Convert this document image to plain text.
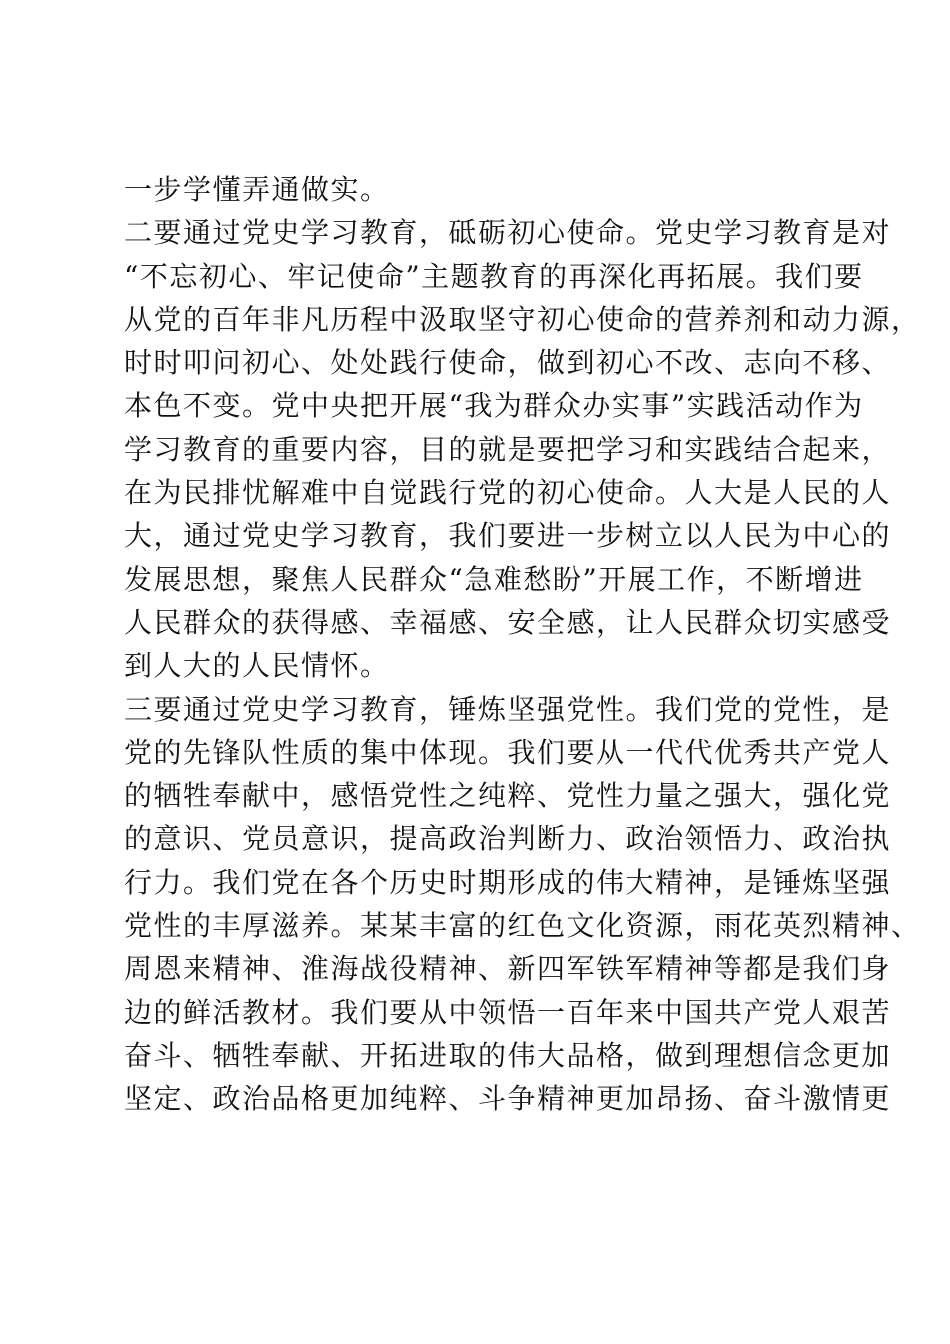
一步学懂弄通做实。
二要通过党史学习教育，砥砺初心使命。党史学习教育是对
“不忘初心、牢记使命”主题教育的再深化再拓展。我们要
从党的百年非凡历程中汲取坚守初心使命的营养剂和动力源，
时时叩问初心、处处践行使命，做到初心不改、志向不移、
本色不变。党中央把开展“我为群众办实事”实践活动作为
学习教育的重要内容，目的就是要把学习和实践结合起来，
在为民排忧解难中自觉践行党的初心使命。人大是人民的人
大，通过党史学习教育，我们要进一步树立以人民为中心的
发展思想，聚焦人民群众“急难愁盼”开展工作，不断增进
人民群众的获得感、幸福感、安全感，让人民群众切实感受
到人大的人民情怀。
三要通过党史学习教育，锤炼坚强党性。我们党的党性，是
党的先锋队性质的集中体现。我们要从一代代优秀共产党人
的牺牲奉献中，感悟党性之纯粹、党性力量之强大，强化党
的意识、党员意识，提高政治判断力、政治领悟力、政治执
行力。我们党在各个历史时期形成的伟大精神，是锤炼坚强
党性的丰厚滋养。某某丰富的红色文化资源，雨花英烈精神、
周恩来精神、淮海战役精神、新四军铁军精神等都是我们身
边的鲜活教材。我们要从中领悟一百年来中国共产党人艰苦
奋斗、牺牲奉献、开拓进取的伟大品格，做到理想信念更加
坚定、政治品格更加纯粹、斗争精神更加昂扬、奋斗激情更
